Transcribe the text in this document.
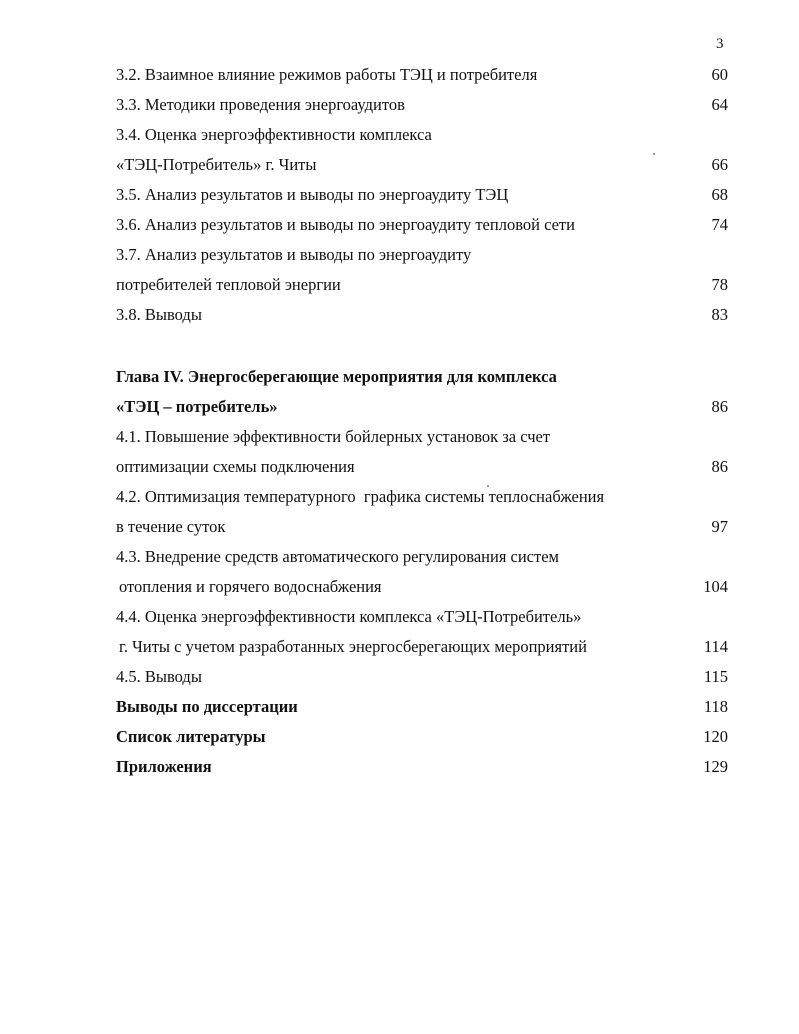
3
3.2. Взаимное влияние режимов работы ТЭЦ и потребителя	60
3.3. Методики проведения энергоаудитов	64
3.4. Оценка энергоэффективности комплекса
«ТЭЦ-Потребитель» г. Читы	66
3.5. Анализ результатов и выводы по энергоаудиту ТЭЦ	68
3.6. Анализ результатов и выводы по энергоаудиту тепловой сети	74
3.7. Анализ результатов и выводы по энергоаудиту
потребителей тепловой энергии	78
3.8. Выводы	83
Глава IV. Энергосберегающие мероприятия для комплекса
«ТЭЦ – потребитель»	86
4.1. Повышение эффективности бойлерных установок за счет
оптимизации схемы подключения	86
4.2. Оптимизация температурного  графика системы теплоснабжения
в течение суток	97
4.3. Внедрение средств автоматического регулирования систем
отопления и горячего водоснабжения	104
4.4. Оценка энергоэффективности комплекса «ТЭЦ-Потребитель»
г. Читы с учетом разработанных энергосберегающих мероприятий	114
4.5. Выводы	115
Выводы по диссертации	118
Список литературы	120
Приложения	129
